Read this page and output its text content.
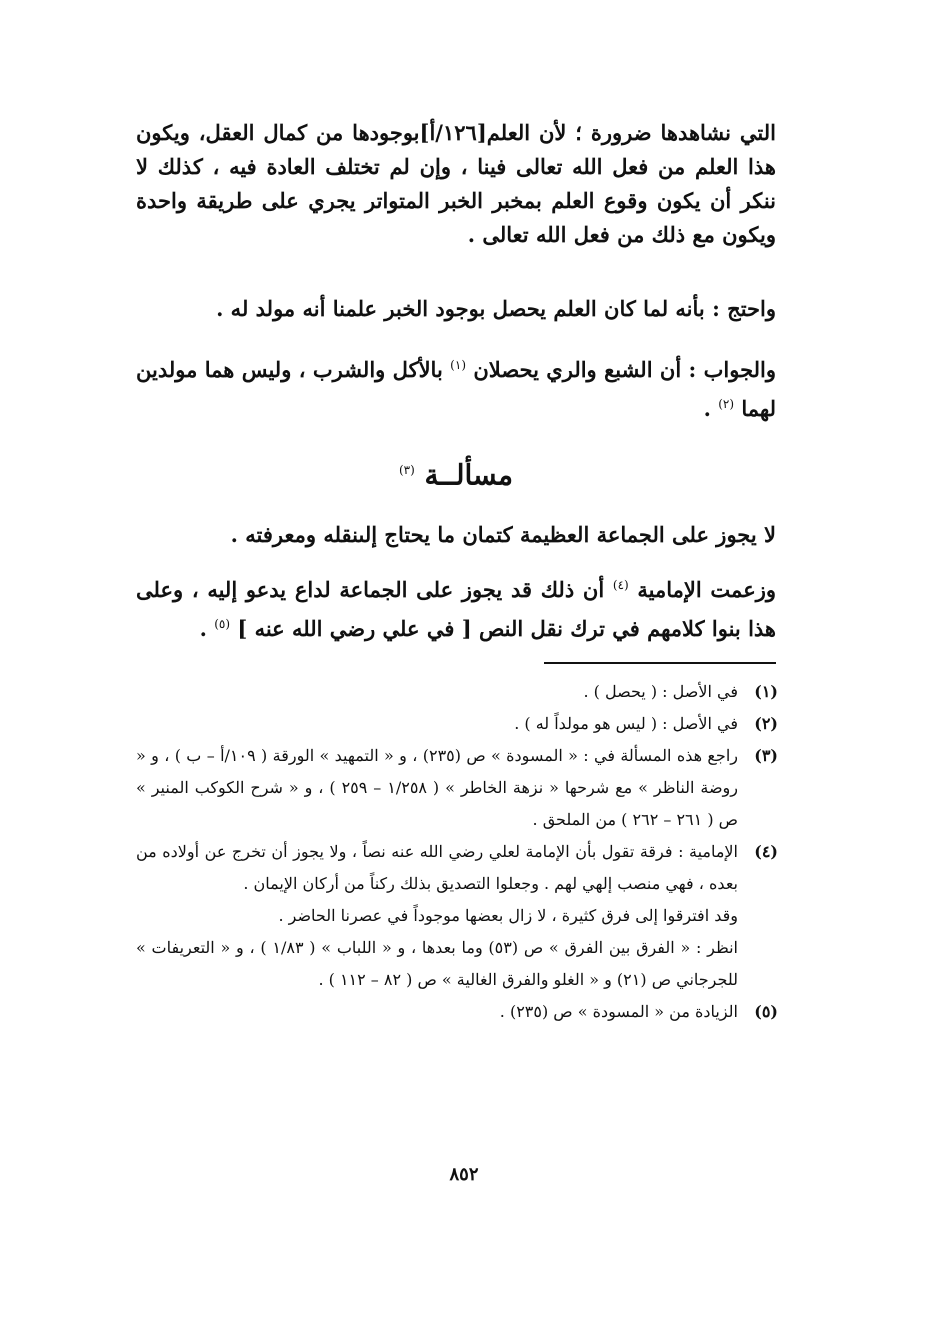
التي نشاهدها ضرورة ؛ لأن العلم[١٢٦/أ]بوجودها من كمال العقل، ويكون هذا العلم من فعل الله تعالى فينا ، وإن لم تختلف العادة فيه ، كذلك لا ننكر أن يكون وقوع العلم بمخبر الخبر المتواتر يجري على طريقة واحدة ويكون مع ذلك من فعل الله تعالى .
واحتج : بأنه لما كان العلم يحصل بوجود الخبر علمنا أنه مولد له .
والجواب : أن الشبع والري يحصلان $^{(١)}$ بالأكل والشرب ، وليس هما مولدين لهما $^{(٢)}$ .
مسألــة $^{(٣)}$
لا يجوز على الجماعة العظيمة كتمان ما يحتاج إلىنقله ومعرفته .
وزعمت الإمامية $^{(٤)}$ أن ذلك قد يجوز على الجماعة لداع يدعو إليه ، وعلى هذا بنوا كلامهم في ترك نقل النص [ في علي رضي الله عنه ] $^{(٥)}$ .
(١)
في الأصل : ( يحصل ) .
(٢)
في الأصل : ( ليس هو مولداً له ) .
(٣)
راجع هذه المسألة في : « المسودة » ص (٢٣٥) ، و « التمهيد » الورقة ( ١٠٩/أ – ب ) ، و « روضة الناظر » مع شرحها « نزهة الخاطر » ( ١/٢٥٨ – ٢٥٩ ) ، و « شرح الكوكب المنير » ص ( ٢٦١ – ٢٦٢ ) من الملحق .
(٤)
الإمامية : فرقة تقول بأن الإمامة لعلي رضي الله عنه نصاً ، ولا يجوز أن تخرج عن أولاده من بعده ، فهي منصب إلهي لهم . وجعلوا التصديق بذلك ركناً من أركان الإيمان .
وقد افترقوا إلى فرق كثيرة ، لا زال بعضها موجوداً في عصرنا الحاضر .
انظر : « الفرق بين الفرق » ص (٥٣) وما بعدها ، و « اللباب » ( ١/٨٣ ) ، و « التعريفات » للجرجاني ص (٢١) و « الغلو والفرق الغالية » ص ( ٨٢ – ١١٢ ) .
(٥)
الزيادة من « المسودة » ص (٢٣٥) .
٨٥٢
